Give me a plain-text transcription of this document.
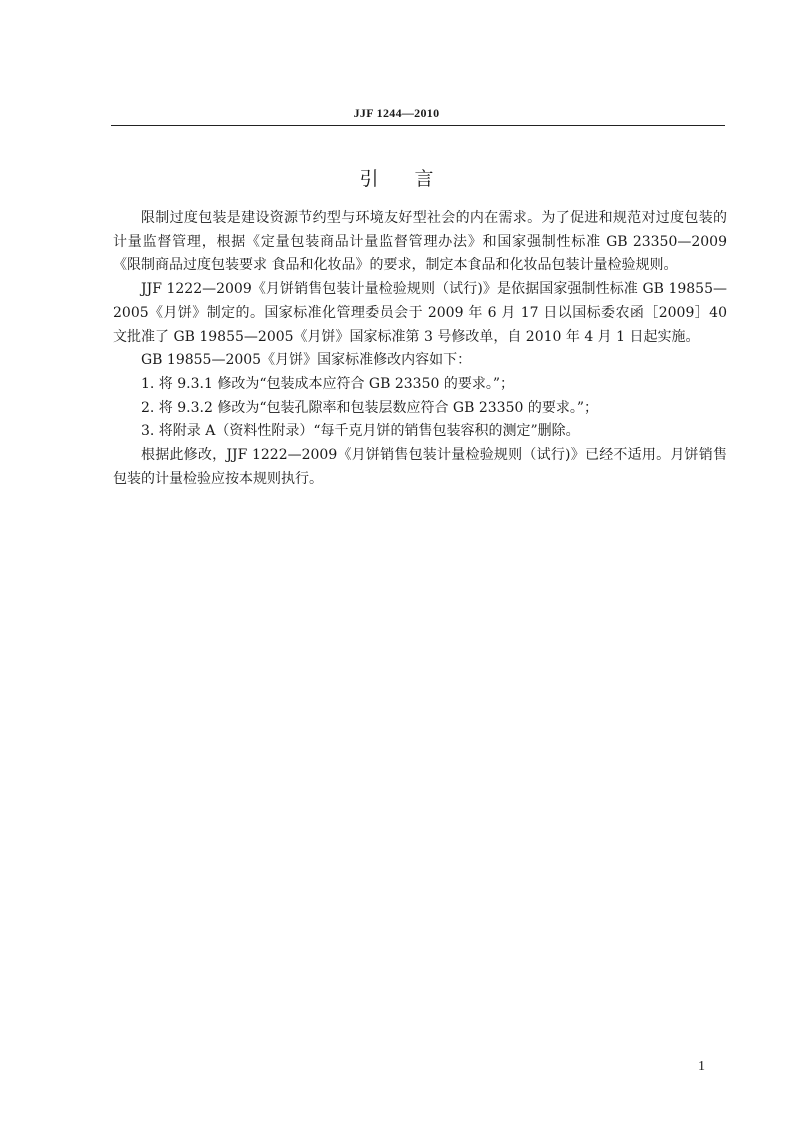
JJF 1244—2010
引言

限制过度包装是建设资源节约型与环境友好型社会的内在需求。为了促进和规范对过度包装的计量监督管理，根据《定量包装商品计量监督管理办法》和国家强制性标准 GB 23350—2009《限制商品过度包装要求 食品和化妆品》的要求，制定本食品和化妆品包装计量检验规则。

JJF 1222—2009《月饼销售包装计量检验规则（试行)》是依据国家强制性标准 GB 19855—2005《月饼》制定的。国家标准化管理委员会于 2009 年 6 月 17 日以国标委农函［2009］40 文批准了 GB 19855—2005《月饼》国家标准第 3 号修改单，自 2010 年 4 月 1 日起实施。

GB 19855—2005《月饼》国家标准修改内容如下：

1. 将 9.3.1 修改为“包装成本应符合 GB 23350 的要求。”；

2. 将 9.3.2 修改为“包装孔隙率和包装层数应符合 GB 23350 的要求。”；

3. 将附录 A（资料性附录）“每千克月饼的销售包装容积的测定”删除。

根据此修改，JJF 1222—2009《月饼销售包装计量检验规则（试行)》已经不适用。月饼销售包装的计量检验应按本规则执行。

1
